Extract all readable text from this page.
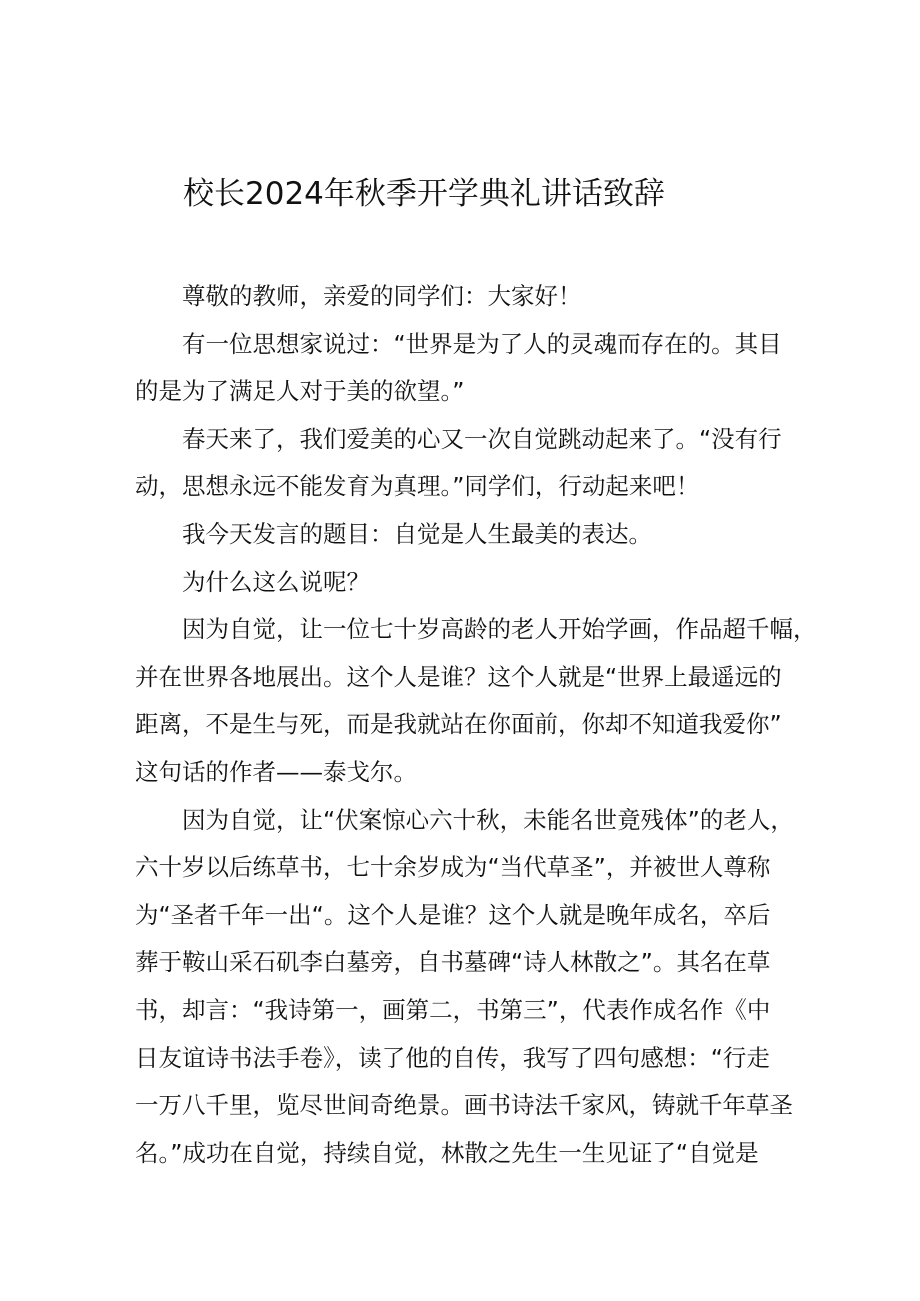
校长2024年秋季开学典礼讲话致辞
尊敬的教师，亲爱的同学们：大家好！
有一位思想家说过：“世界是为了人的灵魂而存在的。其目
的是为了满足人对于美的欲望。”
春天来了，我们爱美的心又一次自觉跳动起来了。“没有行
动，思想永远不能发育为真理。”同学们，行动起来吧！
我今天发言的题目：自觉是人生最美的表达。
为什么这么说呢？
因为自觉，让一位七十岁高龄的老人开始学画，作品超千幅，
并在世界各地展出。这个人是谁？这个人就是“世界上最遥远的
距离，不是生与死，而是我就站在你面前，你却不知道我爱你”
这句话的作者——泰戈尔。
因为自觉，让“伏案惊心六十秋，未能名世竟残体”的老人，
六十岁以后练草书，七十余岁成为“当代草圣”，并被世人尊称
为“圣者千年一出“。这个人是谁？这个人就是晚年成名，卒后
葬于鞍山采石矶李白墓旁，自书墓碑“诗人林散之”。其名在草
书，却言：“我诗第一，画第二，书第三”，代表作成名作《中
日友谊诗书法手卷》，读了他的自传，我写了四句感想：“行走
一万八千里，览尽世间奇绝景。画书诗法千家风，铸就千年草圣
名。”成功在自觉，持续自觉，林散之先生一生见证了“自觉是
